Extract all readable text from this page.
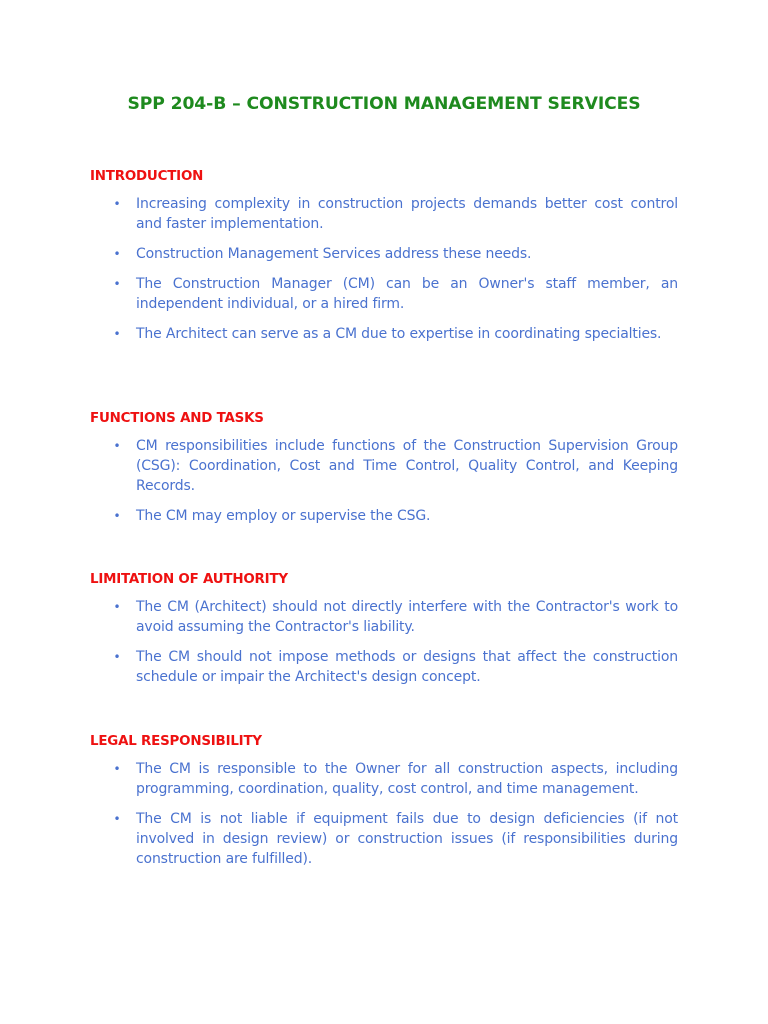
SPP 204-B – CONSTRUCTION MANAGEMENT SERVICES
INTRODUCTION
• Increasing complexity in construction projects demands better cost control and faster implementation.
• Construction Management Services address these needs.
• The Construction Manager (CM) can be an Owner's staff member, an independent individual, or a hired firm.
• The Architect can serve as a CM due to expertise in coordinating specialties.
FUNCTIONS AND TASKS
• CM responsibilities include functions of the Construction Supervision Group (CSG): Coordination, Cost and Time Control, Quality Control, and Keeping Records.
• The CM may employ or supervise the CSG.
LIMITATION OF AUTHORITY
• The CM (Architect) should not directly interfere with the Contractor's work to avoid assuming the Contractor's liability.
• The CM should not impose methods or designs that affect the construction schedule or impair the Architect's design concept.
LEGAL RESPONSIBILITY
• The CM is responsible to the Owner for all construction aspects, including programming, coordination, quality, cost control, and time management.
• The CM is not liable if equipment fails due to design deficiencies (if not involved in design review) or construction issues (if responsibilities during construction are fulfilled).
